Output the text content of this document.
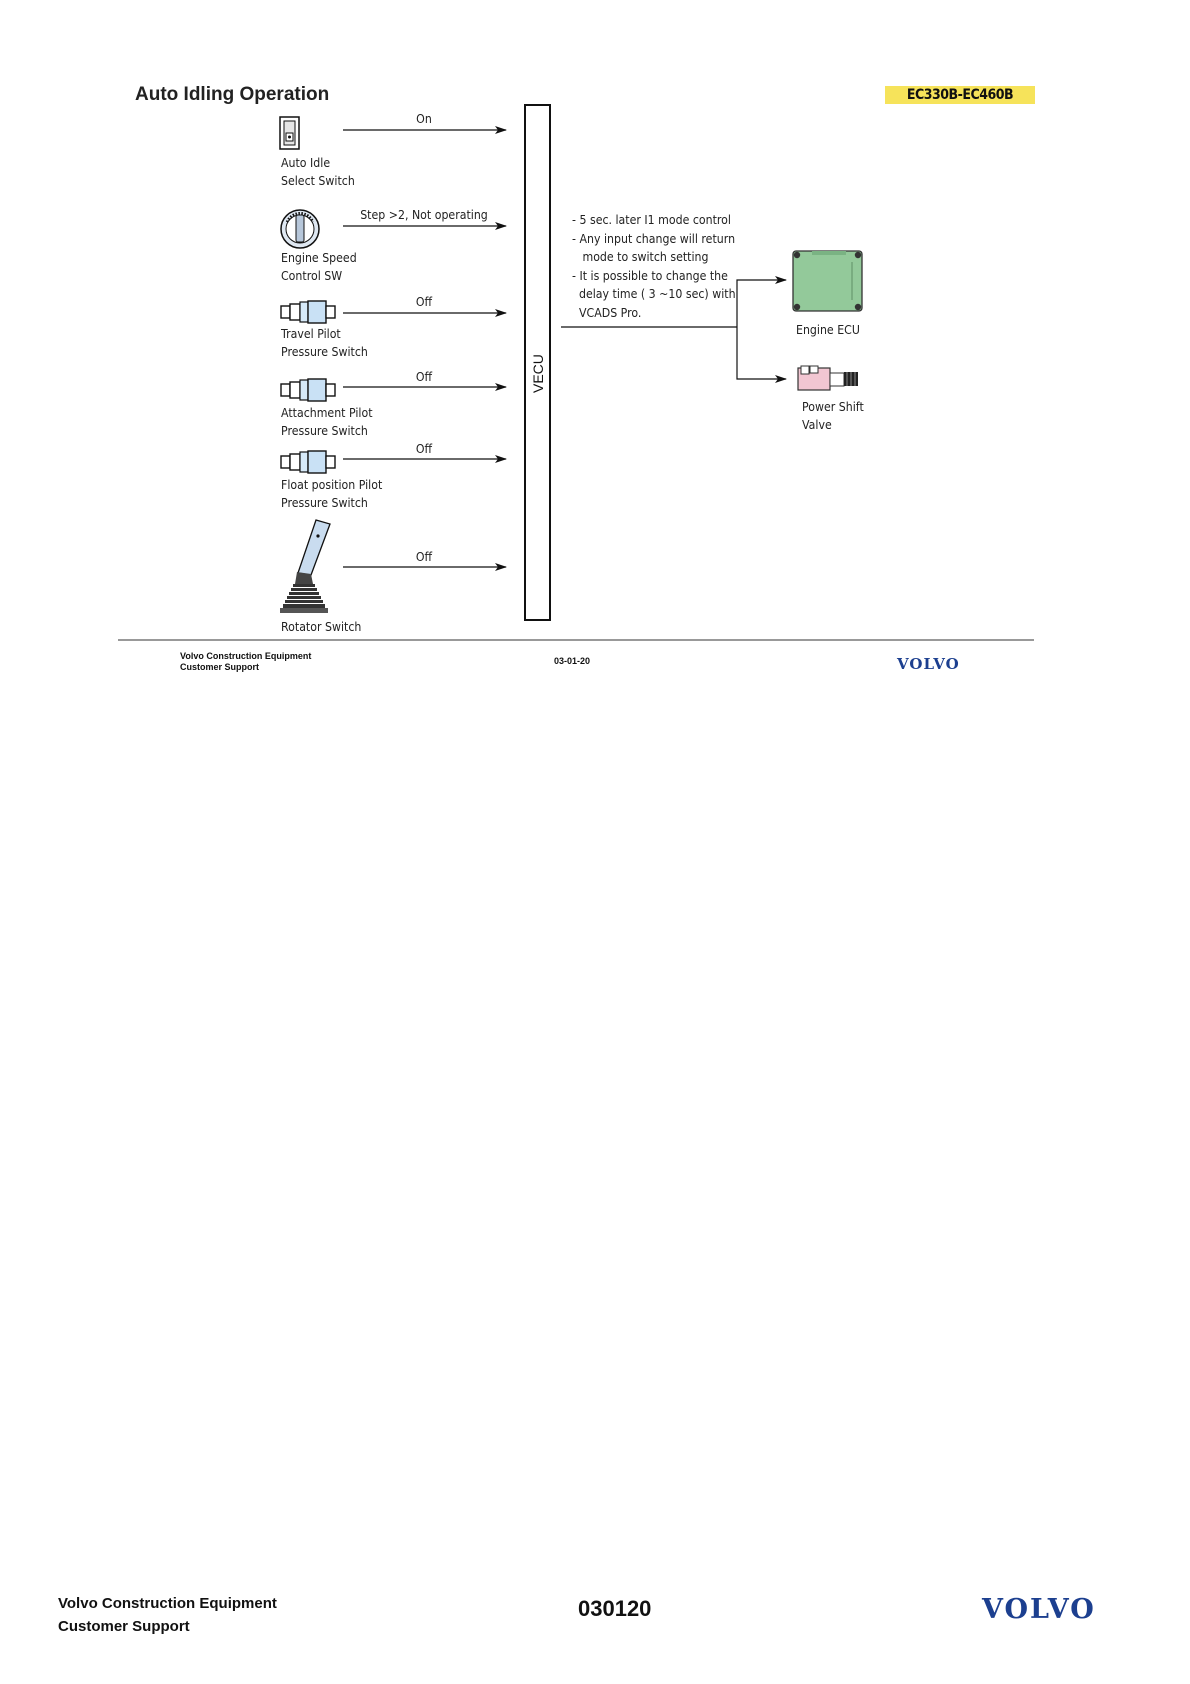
Auto Idling Operation	EC330B-EC460B
VECU
On
Step >2, Not operating
Off
Off
Off
Off
Auto Idle
Select Switch
Engine Speed
Control SW
Travel Pilot
Pressure Switch
Attachment Pilot
Pressure Switch
Float position Pilot
Pressure Switch
Rotator Switch
- 5 sec. later I1 mode control
- Any input change will return
mode to switch setting
- It is possible to change the
delay time ( 3 ~10 sec) with
VCADS Pro.
Engine ECU
Power Shift
Valve
Volvo Construction Equipment
Customer Support
03-01-20	VOLVO
Volvo Construction Equipment
Customer Support
030120	VOLVO
